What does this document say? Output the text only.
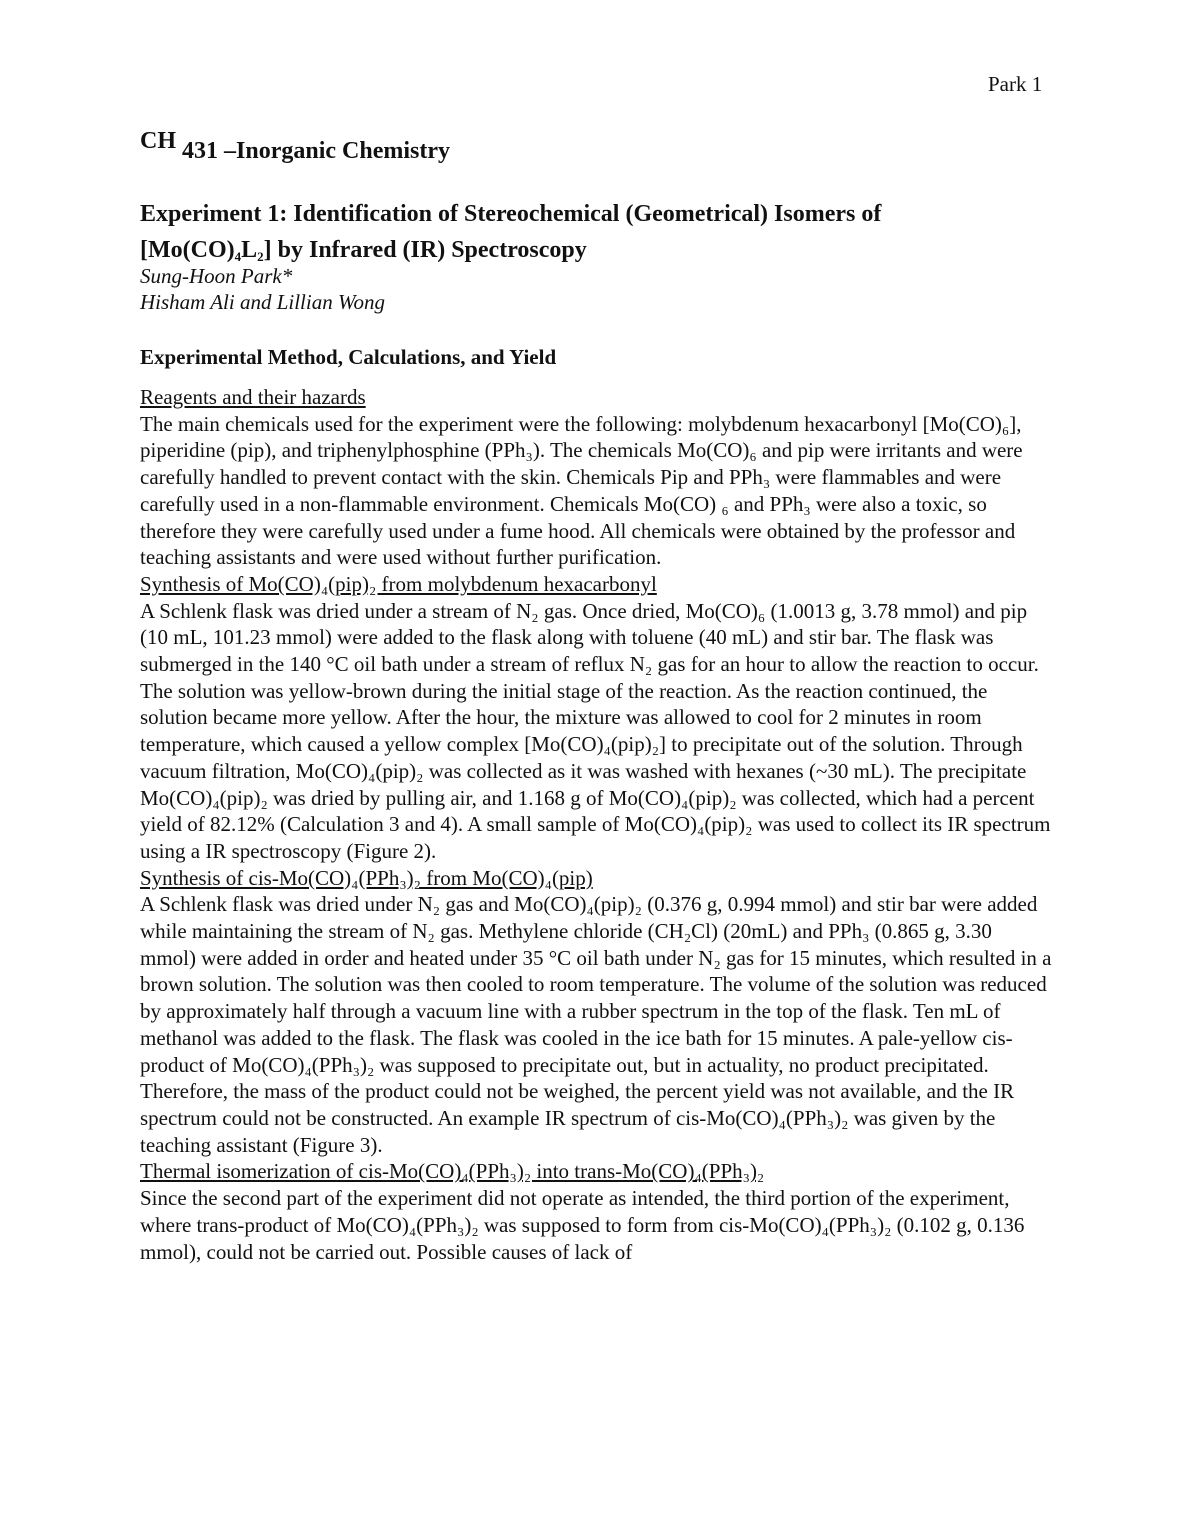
Park 1
CH 431 –Inorganic Chemistry
Experiment 1: Identification of Stereochemical (Geometrical) Isomers of
$[Mo(CO)_4L_2]$ by Infrared (IR) Spectroscopy
Sung-Hoon Park*
Hisham Ali and Lillian Wong
Experimental Method, Calculations, and Yield
Reagents and their hazards

The main chemicals used for the experiment were the following: molybdenum hexacarbonyl [Mo(CO)₆], piperidine (pip), and triphenylphosphine (PPh₃). The chemicals Mo(CO)₆ and pip were irritants and were carefully handled to prevent contact with the skin. Chemicals Pip and PPh₃ were flammables and were carefully used in a non-flammable environment. Chemicals Mo(CO) ₆ and PPh₃ were also a toxic, so therefore they were carefully used under a fume hood. All chemicals were obtained by the professor and teaching assistants and were used without further purification.

Synthesis of Mo(CO)₄(pip)₂ from molybdenum hexacarbonyl

A Schlenk flask was dried under a stream of N₂ gas. Once dried, Mo(CO)₆ (1.0013 g, 3.78 mmol) and pip (10 mL, 101.23 mmol) were added to the flask along with toluene (40 mL) and stir bar. The flask was submerged in the 140 °C oil bath under a stream of reflux N₂ gas for an hour to allow the reaction to occur. The solution was yellow-brown during the initial stage of the reaction. As the reaction continued, the solution became more yellow. After the hour, the mixture was allowed to cool for 2 minutes in room temperature, which caused a yellow complex [Mo(CO)₄(pip)₂] to precipitate out of the solution. Through vacuum filtration, Mo(CO)₄(pip)₂ was collected as it was washed with hexanes (~30 mL). The precipitate Mo(CO)₄(pip)₂ was dried by pulling air, and 1.168 g of Mo(CO)₄(pip)₂ was collected, which had a percent yield of 82.12% (Calculation 3 and 4). A small sample of Mo(CO)₄(pip)₂ was used to collect its IR spectrum using a IR spectroscopy (Figure 2).

Synthesis of cis-Mo(CO)₄(PPh₃)₂ from Mo(CO)₄(pip)

A Schlenk flask was dried under N₂ gas and Mo(CO)₄(pip)₂ (0.376 g, 0.994 mmol) and stir bar were added while maintaining the stream of N₂ gas. Methylene chloride (CH₂Cl) (20mL) and PPh₃ (0.865 g, 3.30 mmol) were added in order and heated under 35 °C oil bath under N₂ gas for 15 minutes, which resulted in a brown solution. The solution was then cooled to room temperature. The volume of the solution was reduced by approximately half through a vacuum line with a rubber spectrum in the top of the flask. Ten mL of methanol was added to the flask. The flask was cooled in the ice bath for 15 minutes. A pale-yellow cis-product of Mo(CO)₄(PPh₃)₂ was supposed to precipitate out, but in actuality, no product precipitated. Therefore, the mass of the product could not be weighed, the percent yield was not available, and the IR spectrum could not be constructed. An example IR spectrum of cis-Mo(CO)₄(PPh₃)₂ was given by the teaching assistant (Figure 3).

Thermal isomerization of cis-Mo(CO)₄(PPh₃)₂ into trans-Mo(CO)₄(PPh₃)₂

Since the second part of the experiment did not operate as intended, the third portion of the experiment, where trans-product of Mo(CO)₄(PPh₃)₂ was supposed to form from cis-Mo(CO)₄(PPh₃)₂ (0.102 g, 0.136 mmol), could not be carried out. Possible causes of lack of
